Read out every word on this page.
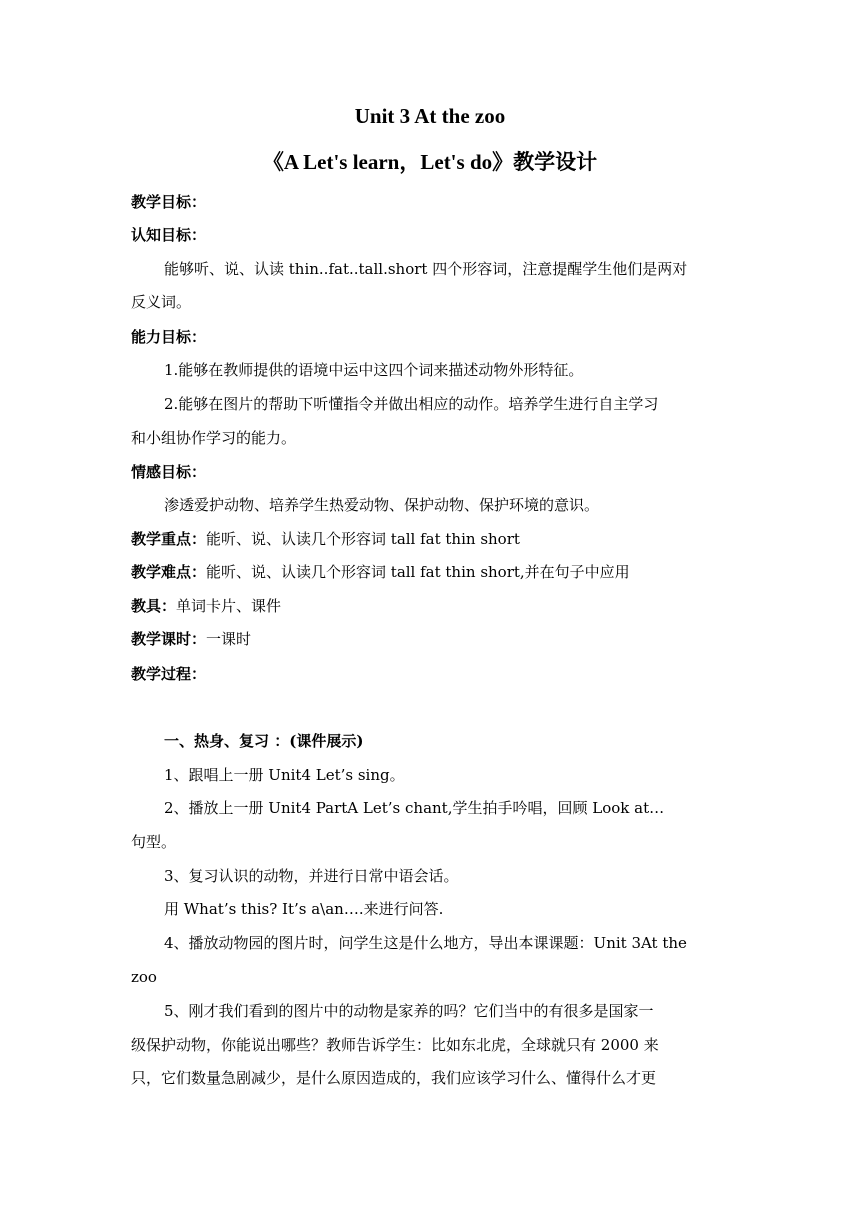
Unit 3 At the zoo
《A Let's learn，Let's do》教学设计
教学目标：
认知目标：
能够听、说、认读 thin..fat..tall.short 四个形容词，注意提醒学生他们是两对
反义词。
能力目标：
1.能够在教师提供的语境中运中这四个词来描述动物外形特征。
2.能够在图片的帮助下听懂指令并做出相应的动作。培养学生进行自主学习
和小组协作学习的能力。
情感目标：
渗透爱护动物、培养学生热爱动物、保护动物、保护环境的意识。
教学重点：能听、说、认读几个形容词 tall fat thin short
教学难点：能听、说、认读几个形容词 tall fat thin short,并在句子中应用
教具：单词卡片、课件
教学课时：一课时
教学过程：
一、热身、复习 ：(课件展示)
1、跟唱上一册 Unit4 Let’s sing。
2、播放上一册 Unit4 PartA Let’s chant,学生拍手吟唱，回顾 Look at…
句型。
3、复习认识的动物，并进行日常中语会话。
用 What’s this? It’s a\an….来进行问答.
4、播放动物园的图片时，问学生这是什么地方，导出本课课题：Unit 3At the
zoo
5、刚才我们看到的图片中的动物是家养的吗？它们当中的有很多是国家一
级保护动物，你能说出哪些？教师告诉学生：比如东北虎，全球就只有 2000 来
只，它们数量急剧减少，是什么原因造成的，我们应该学习什么、懂得什么才更
